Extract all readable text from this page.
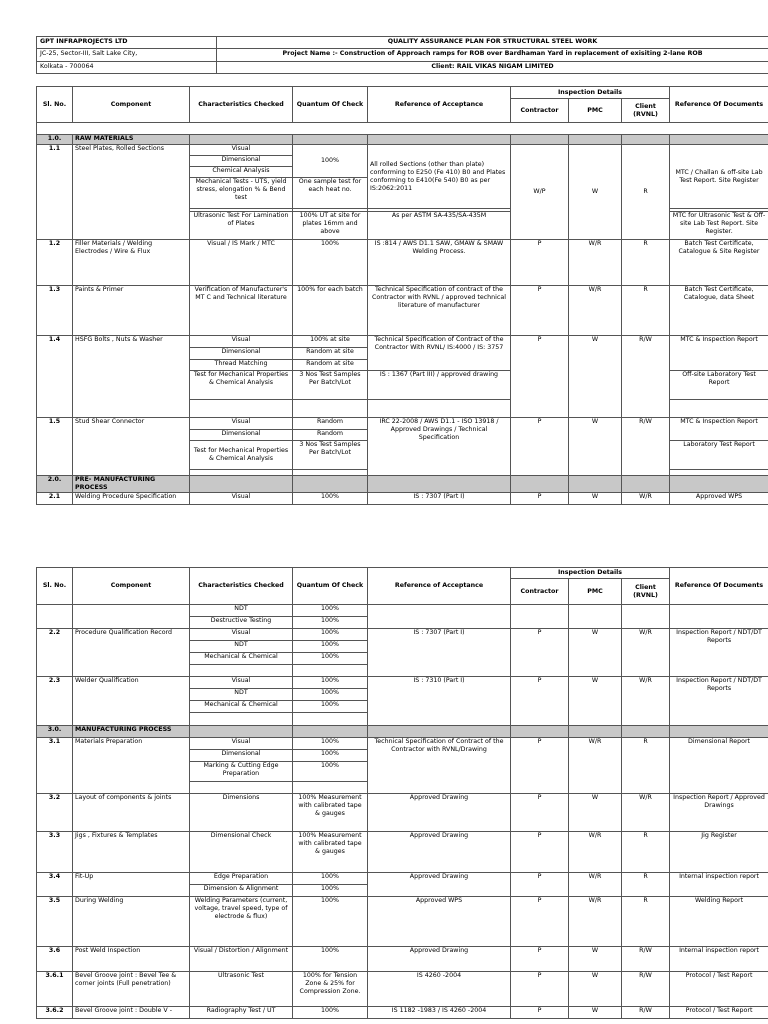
GPT INFRAPROJECTS LTD	QUALITY ASSURANCE PLAN FOR STRUCTURAL STEEL WORK
JC-25, Sector-III, Salt Lake City,	Project Name :- Construction of Approach ramps for ROB over Bardhaman Yard in replacement of exisiting 2-lane ROB
Kolkata - 700064	Client: RAIL VIKAS NIGAM LIMITED
Sl. No.	Component	Characteristics Checked	Quantum Of Check	Reference of Acceptance	Inspection Details			Reference Of Documents
					Contractor	PMC	Client (RVNL)	

1.0.	RAW MATERIALS							
1.1	Steel Plates, Rolled Sections	Visual	100%	All rolled Sections (other than plate) conforming to E250 (Fe 410) B0 and Plates conforming to E410(Fe 540) B0 as per IS:2062:2011	W/P	W	R	MTC / Challan & off-site Lab Test Report. Site Register
		Dimensional						
		Chemical Analysis						
		Mechanical Tests - UTS, yield stress, elongation % & Bend test	One sample test for each heat no.					

		Ultrasonic Test For Lamination of Plates	100% UT at site for plates 16mm and above	As per ASTM SA-435/SA-435M				MTC for Ultrasonic Test & Off-site Lab Test Report. Site Register.
1.2	Filler Materials / Welding Electrodes / Wire & Flux	Visual / IS Mark / MTC	100%	IS :814 / AWS D1.1 SAW, GMAW & SMAW Welding Process.	P	W/R	R	Batch Test Certificate, Catalogue & Site Register
1.3	Paints & Primer	Verification of Manufacturer's MT C and Technical literature	100% for each batch	Technical Specification of contract of the Contractor with RVNL / approved technical literature of manufacturer	P	W/R	R	Batch Test Certificate, Catalogue, data Sheet
1.4	HSFG Bolts , Nuts & Washer	Visual	100% at site	Technical Specification of Contract of the Contractor With RVNL/ IS:4000 / IS: 3757	P	W	R/W	MTC & Inspection Report
		Dimensional	Random at site					
		Thread Matching	Random at site					
		Test for Mechanical Properties & Chemical Analysis	3 Nos Test Samples Per Batch/Lot	IS : 1367 (Part III) / approved drawing				Off-site Laboratory Test Report

1.5	Stud Shear Connector	Visual	Random	IRC 22-2008 / AWS D1.1 - ISO 13918 / Approved Drawings / Technical Specification	P	W	R/W	MTC & Inspection Report
		Dimensional	Random					
		Test for Mechanical Properties & Chemical Analysis	3 Nos Test Samples Per Batch/Lot					Laboratory Test Report

2.0.	PRE- MANUFACTURING PROCESS							
2.1	Welding Procedure Specification	Visual	100%	IS : 7307 (Part I)	P	W	W/R	Approved WPS
Sl. No.	Component	Characteristics Checked	Quantum Of Check	Reference of Acceptance	Inspection Details			Reference Of Documents
					Contractor	PMC	Client (RVNL)	
		NDT	100%					
		Destructive Testing	100%					
2.2	Procedure Qualification Record	Visual	100%	IS : 7307 (Part I)	P	W	W/R	Inspection Report / NDT/DT Reports
		NDT	100%					
		Mechanical & Chemical	100%					

2.3	Welder Qualification	Visual	100%	IS : 7310 (Part I)	P	W	W/R	Inspection Report / NDT/DT Reports
		NDT	100%					
		Mechanical & Chemical	100%					

3.0.	MANUFACTURING PROCESS							
3.1	Materials Preparation	Visual	100%	Technical Specification of Contract of the Contractor with RVNL/Drawing	P	W/R	R	Dimensional Report
		Dimensional	100%					
		Marking & Cutting Edge Preparation	100%					

3.2	Layout of components & joints	Dimensions	100% Measurement with calibrated tape & gauges	Approved Drawing	P	W	W/R	Inspection Report / Approved Drawings
3.3	Jigs , Fixtures & Templates	Dimensional Check	100% Measurement with calibrated tape & gauges	Approved Drawing	P	W/R	R	Jig Register
3.4	Fit-Up	Edge Preparation	100%	Approved Drawing	P	W/R	R	Internal inspection report
		Dimension & Alignment	100%					
3.5	During Welding	Welding Parameters (current, voltage, travel speed, type of electrode & flux)	100%	Approved WPS	P	W/R	R	Welding Report
3.6	Post Weld Inspection	Visual / Distortion / Alignment	100%	Approved Drawing	P	W	R/W	Internal inspection report
3.6.1	Bevel Groove joint : Bevel Tee & corner joints (Full penetration)	Ultrasonic Test	100% for Tension Zone & 25% for Compression Zone.	IS 4260 -2004	P	W	R/W	Protocol / Test Report
3.6.2	Bevel Groove joint : Double V -	Radiography Test / UT	100%	IS 1182 -1983 / IS 4260 -2004	P	W	R/W	Protocol / Test Report
